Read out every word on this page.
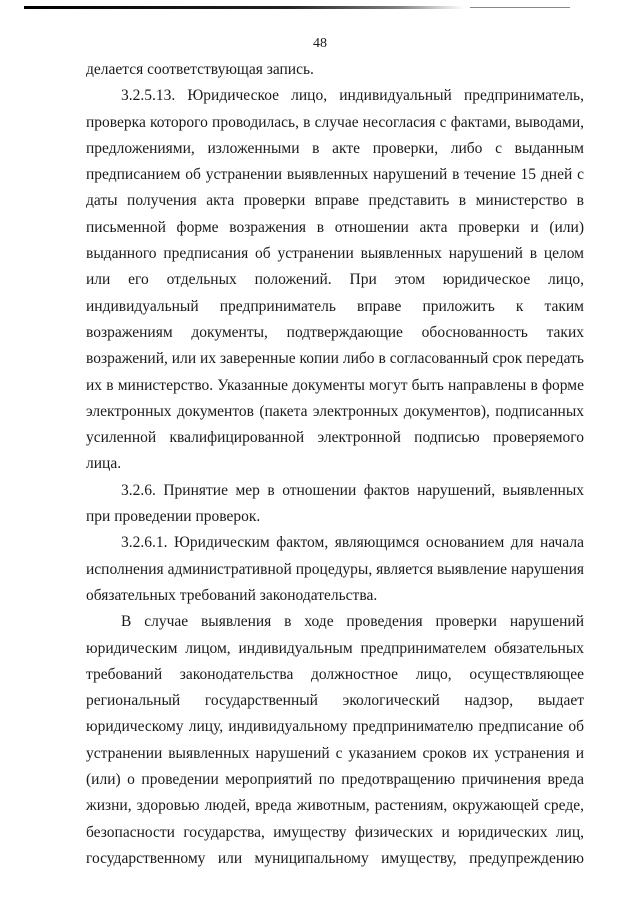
48

делается соответствующая запись.

3.2.5.13. Юридическое лицо, индивидуальный предприниматель, проверка которого проводилась, в случае несогласия с фактами, выводами, предложениями, изложенными в акте проверки, либо с выданным предписанием об устранении выявленных нарушений в течение 15 дней с даты получения акта проверки вправе представить в министерство в письменной форме возражения в отношении акта проверки и (или) выданного предписания об устранении выявленных нарушений в целом или его отдельных положений. При этом юридическое лицо, индивидуальный предприниматель вправе приложить к таким возражениям документы, подтверждающие обоснованность таких возражений, или их заверенные копии либо в согласованный срок передать их в министерство. Указанные документы могут быть направлены в форме электронных документов (пакета электронных документов), подписанных усиленной квалифицированной электронной подписью проверяемого лица.

3.2.6. Принятие мер в отношении фактов нарушений, выявленных при проведении проверок.

3.2.6.1. Юридическим фактом, являющимся основанием для начала исполнения административной процедуры, является выявление нарушения обязательных требований законодательства.

В случае выявления в ходе проведения проверки нарушений юридическим лицом, индивидуальным предпринимателем обязательных требований законодательства должностное лицо, осуществляющее региональный государственный экологический надзор, выдает юридическому лицу, индивидуальному предпринимателю предписание об устранении выявленных нарушений с указанием сроков их устранения и (или) о проведении мероприятий по предотвращению причинения вреда жизни, здоровью людей, вреда животным, растениям, окружающей среде, безопасности государства, имуществу физических и юридических лиц, государственному или муниципальному имуществу, предупреждению
